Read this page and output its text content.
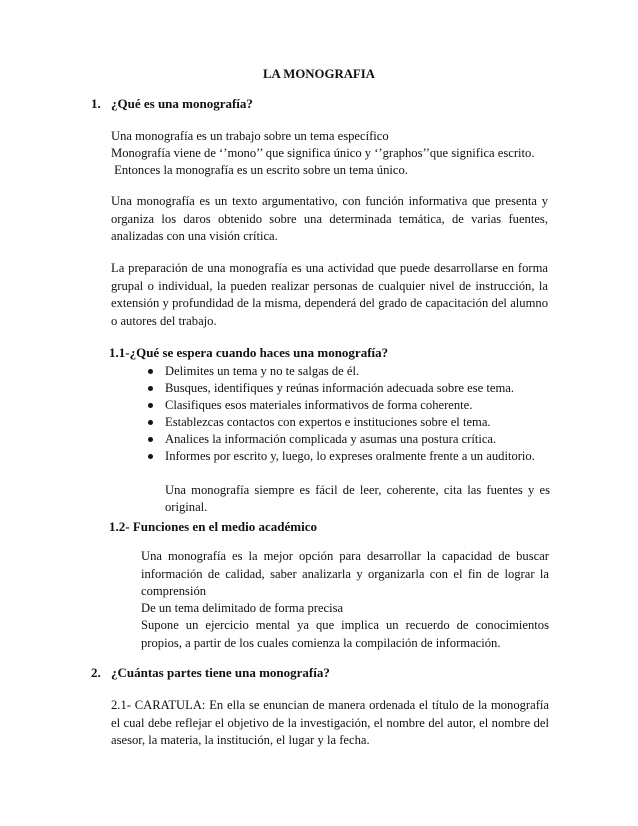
LA MONOGRAFIA
1. ¿Qué es una monografía?
Una monografía es un trabajo sobre un tema específico
Monografía viene de ‘’mono’’ que significa único y ‘’graphos’’que significa escrito.
Entonces la monografía es un escrito sobre un tema único.
Una monografía es un texto argumentativo, con función informativa que presenta y organiza los daros obtenido sobre una determinada temática, de varias fuentes, analizadas con una visión crítica.
La preparación de una monografía es una actividad que puede desarrollarse en forma grupal o individual, la pueden realizar personas de cualquier nivel de instrucción, la extensión y profundidad de la misma, dependerá del grado de capacitación del alumno o autores del trabajo.
1.1-¿Qué se espera cuando haces una monografía?
Delimites un tema y no te salgas de él.
Busques, identifiques y reúnas información adecuada sobre ese tema.
Clasifiques esos materiales informativos de forma coherente.
Establezcas contactos con expertos e instituciones sobre el tema.
Analices la información complicada y asumas una postura crítica.
Informes por escrito y, luego, lo expreses oralmente frente a un auditorio.
Una monografía siempre es fácil de leer, coherente, cita las fuentes y es original.
1.2- Funciones en el medio académico
Una monografía es la mejor opción para desarrollar la capacidad de buscar información de calidad, saber analizarla y organizarla con el fin de lograr la comprensión
De un tema delimitado de forma precisa
Supone un ejercicio mental ya que implica un recuerdo de conocimientos propios, a partir de los cuales comienza la compilación de información.
2. ¿Cuántas partes tiene una monografía?
2.1- CARATULA: En ella se enuncian de manera ordenada el título de la monografía el cual debe reflejar el objetivo de la investigación, el nombre del autor, el nombre del asesor, la materia, la institución, el lugar y la fecha.
